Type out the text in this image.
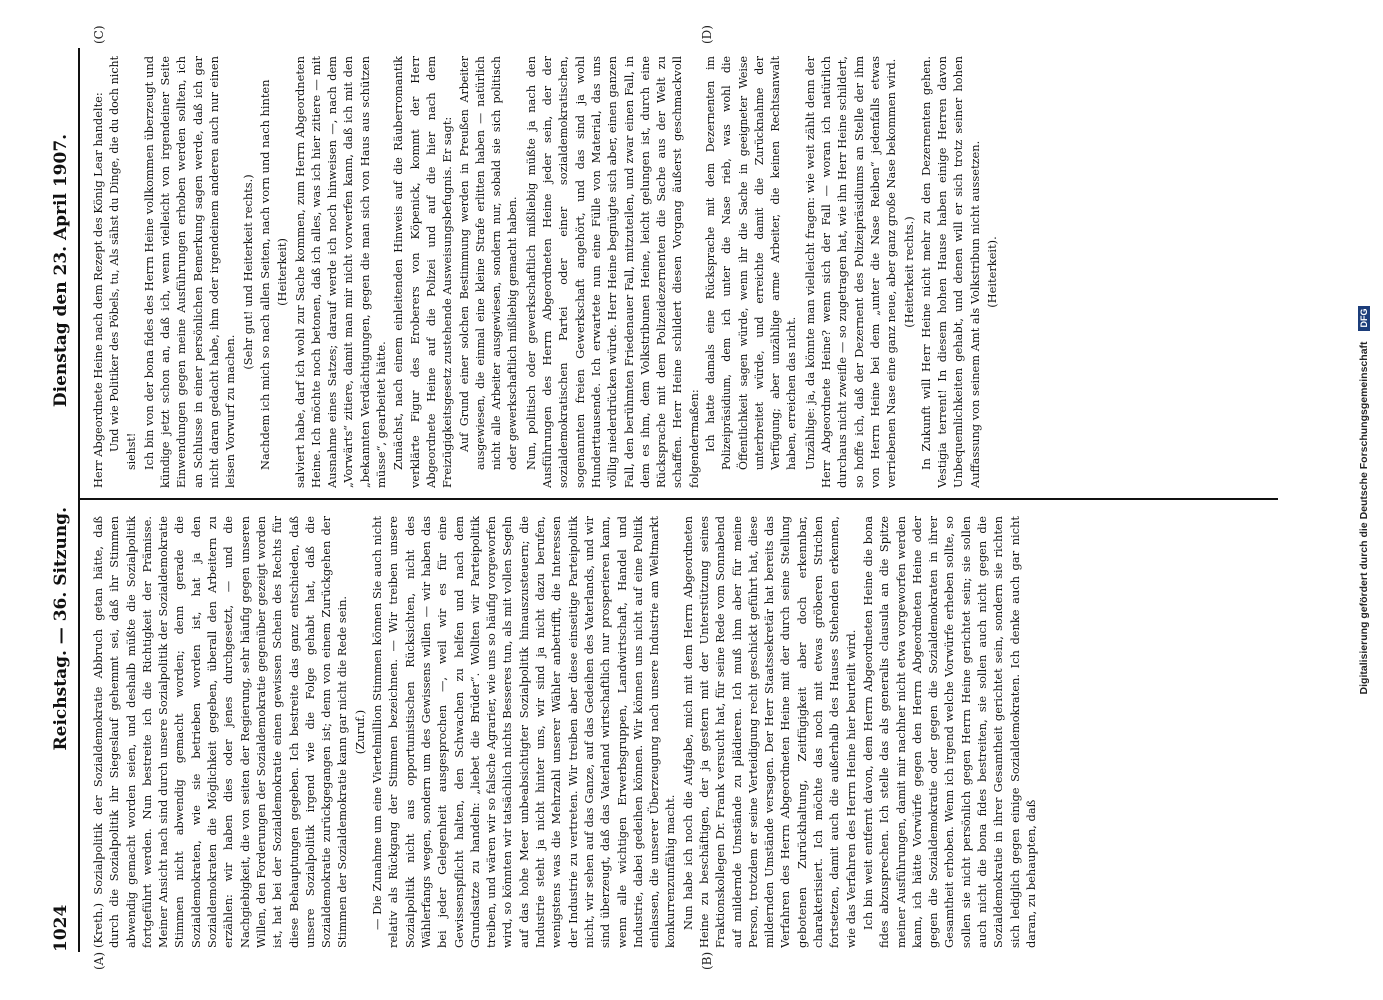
1024
Reichstag. — 36. Sitzung.
Dienstag den 23. April 1907.
(A)	(B)
(C)	(D)

(Kreth.) Sozialpolitik der Sozialdemokratie Abbruch getan hätte, daß durch die Sozialpolitik ihr Siegeslauf gehemmt sei, daß ihr Stimmen abwendig gemacht worden seien, und deshalb müßte die Sozialpolitik fortgeführt werden. Nun bestreite ich die Richtigkeit der Prämisse. Meiner Ansicht nach sind durch unsere Sozialpolitik der Sozialdemokratie Stimmen nicht abwendig gemacht worden; denn gerade die Sozialdemokraten, wie sie betrieben worden ist, hat ja den Sozialdemokraten die Möglichkeit gegeben, überall den Arbeitern zu erzählen: wir haben dies oder jenes durchgesetzt, — und die Nachgiebigkeit, die von seiten der Regierung, sehr häufig gegen unseren Willen, den Forderungen der Sozialdemokratie gegenüber gezeigt worden ist, hat bei der Sozialdemokratie einen gewissen Schein des Rechts für diese Behauptungen gegeben. Ich bestreite das ganz entschieden, daß unsere Sozialpolitik irgend wie die Folge gehabt hat, daß die Sozialdemokratie zurückgegangen ist; denn von einem Zurückgehen der Stimmen der Sozialdemokratie kann gar nicht die Rede sein. (Zuruf.) — Die Zunahme um eine Viertelmillion Stimmen können Sie auch nicht relativ als Rückgang der Stimmen bezeichnen. — Wir treiben unsere Sozialpolitik nicht aus opportunistischen Rücksichten, nicht des Wählerfangs wegen, sondern um des Gewissens willen — wir haben das bei jeder Gelegenheit ausgesprochen —, weil wir es für eine Gewissenspflicht halten, den Schwachen zu helfen und nach dem Grundsatze zu handeln: „liebet die Brüder“. Wollten wir Parteipolitik treiben, und wären wir so falsche Agrarier, wie uns so häufig vorgeworfen wird, so könnten wir tatsächlich nichts Besseres tun, als mit vollen Segeln auf das hohe Meer unbeabsichtigter Sozialpolitik hinauszusteuern; die Industrie steht ja nicht hinter uns, wir sind ja nicht dazu berufen, wenigstens was die Mehrzahl unserer Wähler anbetrifft, die Interessen der Industrie zu vertreten. Wir treiben aber diese einseitige Parteipolitik nicht, wir sehen auf das Ganze, auf das Gedeihen des Vaterlands, und wir sind überzeugt, daß das Vaterland wirtschaftlich nur prosperieren kann, wenn alle wichtigen Erwerbsgruppen, Landwirtschaft, Handel und Industrie, dabei gedeihen können. Wir können uns nicht auf eine Politik einlassen, die unserer Überzeugung nach unsere Industrie am Weltmarkt konkurrenzunfähig macht. Nun habe ich noch die Aufgabe, mich mit dem Herrn Abgeordneten Heine zu beschäftigen, der ja gestern mit der Unterstützung seines Fraktionskollegen Dr. Frank versucht hat, für seine Rede vom Sonnabend auf mildernde Umstände zu plädieren. Ich muß ihm aber für meine Person, trotzdem er seine Verteidigung recht geschickt geführt hat, diese mildernden Umstände versagen. Der Herr Staatssekretär hat bereits das Verfahren des Herrn Abgeordneten Heine mit der durch seine Stellung gebotenen Zurückhaltung, Zeitfügigkeit aber doch erkennbar, charakterisiert. Ich möchte das noch mit etwas gröberen Strichen fortsetzen, damit auch die außerhalb des Hauses Stehenden erkennen, wie das Verfahren des Herrn Heine hier beurteilt wird. Ich bin weit entfernt davon, dem Herrn Abgeordneten Heine die bona fides abzusprechen. Ich stelle das als generalis clausula an die Spitze meiner Ausführungen, damit mir nachher nicht etwa vorgeworfen werden kann, ich hätte Vorwürfe gegen den Herrn Abgeordneten Heine oder gegen die Sozialdemokratie oder gegen die Sozialdemokraten in ihrer Gesamtheit erhoben. Wenn ich irgend welche Vorwürfe erheben sollte, so sollen sie nicht persönlich gegen Herrn Heine gerichtet sein; sie sollen auch nicht die bona fides bestreiten, sie sollen auch nicht gegen die Sozialdemokratie in ihrer Gesamtheit gerichtet sein, sondern sie richten sich lediglich gegen einige Sozialdemokraten. Ich denke auch gar nicht daran, zu behaupten, daß

Herr Abgeordnete Heine nach dem Rezept des König Lear handelte: Und wie Politiker des Pöbels, tu, Als sähst du Dinge, die du doch nicht siehst! Ich bin von der bona fides des Herrn Heine vollkommen überzeugt und kündige jetzt schon an, daß ich, wenn vielleicht von irgendeiner Seite Einwendungen gegen meine Ausführungen erhoben werden sollten, ich an Schlusse in einer persönlichen Bemerkung sagen werde, daß ich gar nicht daran gedacht habe, ihm oder irgendeinem anderen auch nur einen leisen Vorwurf zu machen.

(Sehr gut! und Heiterkeit rechts.) Nachdem ich mich so nach allen Seiten, nach vorn und nach hinten (Heiterkeit) salviert habe, darf ich wohl zur Sache kommen, zum Herrn Abgeordneten Heine. Ich möchte noch betonen, daß ich alles, was ich hier zitiere — mit Ausnahme eines Satzes; darauf werde ich noch hinweisen —, nach dem „Vorwärts“ zitiere, damit man mir nicht vorwerfen kann, daß ich mit den „bekannten Verdächtigungen, gegen die man sich von Haus aus schützen müsse“, gearbeitet hätte. Zunächst, nach einem einleitenden Hinweis auf die Räuberromantik verklärte Figur des Eroberers von Köpenick, kommt der Herr Abgeordnete Heine auf die Polizei und auf die hier nach dem Freizügigkeitsgesetz zustehende Ausweisungsbefugnis. Er sagt: Auf Grund einer solchen Bestimmung werden in Preußen Arbeiter ausgewiesen, die einmal eine kleine Strafe erlitten haben — natürlich nicht alle Arbeiter ausgewiesen, sondern nur, sobald sie sich politisch oder gewerkschaftlich mißliebig gemacht haben. Nun, politisch oder gewerkschaftlich mißliebig müßte ja nach den Ausführungen des Herrn Abgeordneten Heine jeder sein, der der sozialdemokratischen Partei oder einer sozialdemokratischen, sogenannten freien Gewerkschaft angehört, und das sind ja wohl Hunderttausende. Ich erwartete nun eine Fülle von Material, das uns völlig niederdrücken würde. Herr Heine begnügte sich aber, einen ganzen Fall, den berühmten Friedenauer Fall, mitzuteilen, und zwar einen Fall, in dem es ihm, dem Volkstribunen Heine, leicht gelungen ist, durch eine Rücksprache mit dem Polizeidezernenten die Sache aus der Welt zu schaffen. Herr Heine schildert diesen Vorgang äußerst geschmackvoll folgendermaßen: Ich hatte damals eine Rücksprache mit dem Dezernenten im Polizeipräsidium, dem ich unter die Nase rieb, was wohl die Öffentlichkeit sagen würde, wenn ihr die Sache in geeigneter Weise unterbreitet würde, und erreichte damit die Zurücknahme der Verfügung; aber unzählige arme Arbeiter, die keinen Rechtsanwalt haben, erreichen das nicht. Unzählige: ja, da könnte man vielleicht fragen: wie weit zählt denn der Herr Abgeordnete Heine? wenn sich der Fall — woran ich natürlich durchaus nicht zweifle — so zugetragen hat, wie ihn Herr Heine schildert, so hoffe ich, daß der Dezernent des Polizeipräsidiums an Stelle der ihm von Herrn Heine bei dem „unter die Nase Reiben“ jedenfalls etwas verriebenen Nase eine ganz neue, aber ganz große Nase bekommen wird. (Heiterkeit rechts.) In Zukunft will Herr Heine nicht mehr zu den Dezernenten gehen. Vestigia terrent! In diesem hohen Hause haben einige Herren davon Unbequemlichkeiten gehabt, und denen will er sich trotz seiner hohen Auffassung von seinem Amt als Volkstribun nicht aussetzen. (Heiterkeit).

Digitalisierung gefördert durch die Deutsche Forschungsgemeinschaft DFG
